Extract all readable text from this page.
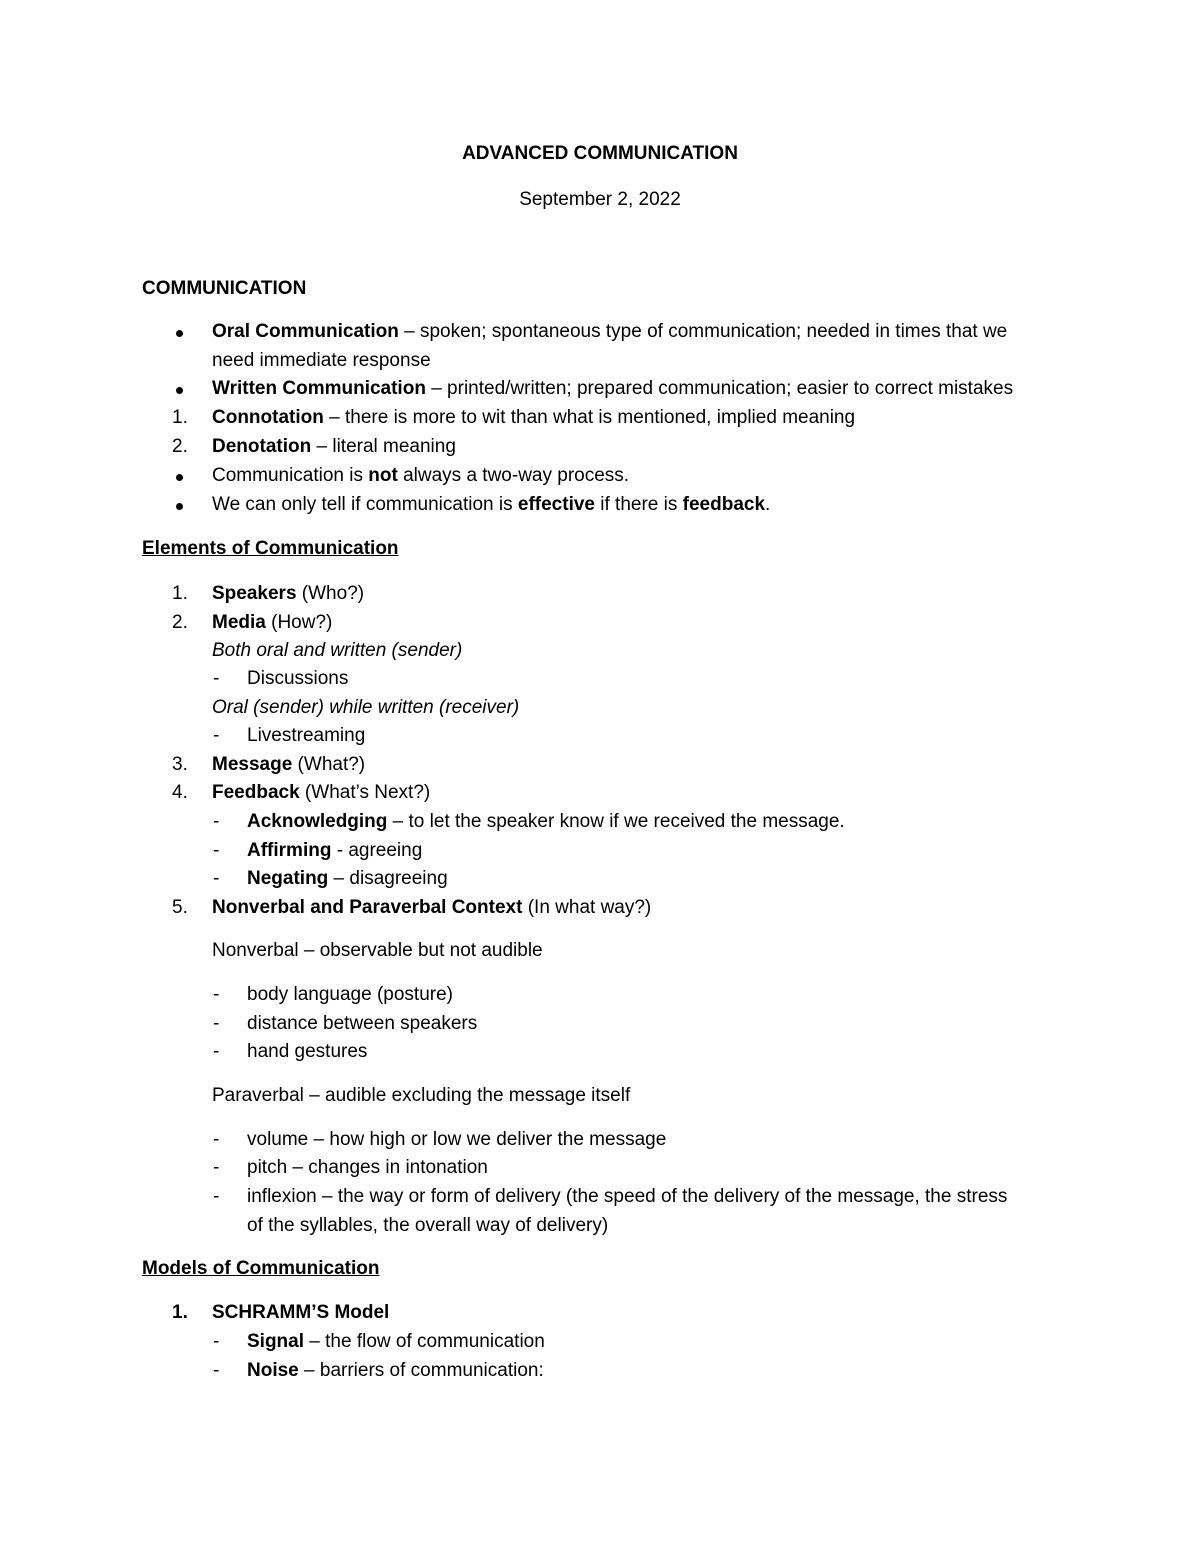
ADVANCED COMMUNICATION
September 2, 2022
COMMUNICATION
Oral Communication – spoken; spontaneous type of communication; needed in times that we
need immediate response
Written Communication – printed/written; prepared communication; easier to correct mistakes
1. Connotation – there is more to wit than what is mentioned, implied meaning
2. Denotation – literal meaning
Communication is not always a two-way process.
We can only tell if communication is effective if there is feedback.
Elements of Communication
1. Speakers (Who?)
2. Media (How?)
Both oral and written (sender)
- Discussions
Oral (sender) while written (receiver)
- Livestreaming
3. Message (What?)
4. Feedback (What’s Next?)
- Acknowledging – to let the speaker know if we received the message.
- Affirming - agreeing
- Negating – disagreeing
5. Nonverbal and Paraverbal Context (In what way?)
Nonverbal – observable but not audible
- body language (posture)
- distance between speakers
- hand gestures
Paraverbal – audible excluding the message itself
- volume – how high or low we deliver the message
- pitch – changes in intonation
- inflexion – the way or form of delivery (the speed of the delivery of the message, the stress
of the syllables, the overall way of delivery)
Models of Communication
1. SCHRAMM’S Model
- Signal – the flow of communication
- Noise – barriers of communication:
